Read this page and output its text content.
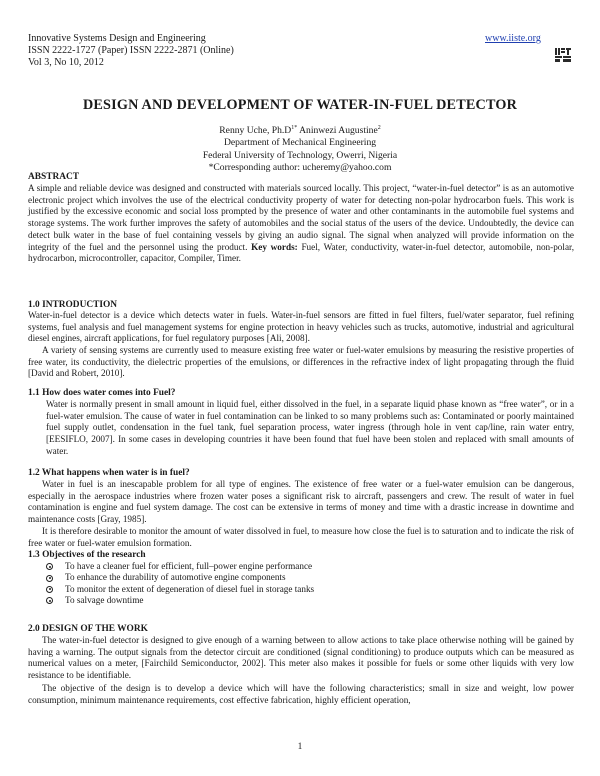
Innovative Systems Design and Engineering
ISSN 2222-1727 (Paper) ISSN 2222-2871 (Online)
Vol 3, No 10, 2012
www.iiste.org
DESIGN AND DEVELOPMENT OF WATER-IN-FUEL DETECTOR
Renny Uche, $Ph.D^{1*}$ Aninwezi Augustine$^2$
Department of Mechanical Engineering
Federal University of Technology, Owerri, Nigeria
*Corresponding author: ucheremy@yahoo.com
ABSTRACT
A simple and reliable device was designed and constructed with materials sourced locally. This project, “water-in-fuel detector” is as an automotive electronic project which involves the use of the electrical conductivity property of water for detecting non-polar hydrocarbon fuels. This work is justified by the excessive economic and social loss prompted by the presence of water and other contaminants in the automobile fuel systems and storage systems. The work further improves the safety of automobiles and the social status of the users of the device. Undoubtedly, the device can detect bulk water in the base of fuel containing vessels by giving an audio signal. The signal when analyzed will provide information on the integrity of the fuel and the personnel using the product. Key words: Fuel, Water, conductivity, water-in-fuel detector, automobile, non-polar, hydrocarbon, microcontroller, capacitor, Compiler, Timer.
1.0 INTRODUCTION
Water-in-fuel detector is a device which detects water in fuels. Water-in-fuel sensors are fitted in fuel filters, fuel/water separator, fuel refining systems, fuel analysis and fuel management systems for engine protection in heavy vehicles such as trucks, automotive, industrial and agricultural diesel engines, aircraft applications, for fuel regulatory purposes [Ali, 2008].
A variety of sensing systems are currently used to measure existing free water or fuel-water emulsions by measuring the resistive properties of free water, its conductivity, the dielectric properties of the emulsions, or differences in the refractive index of light propagating through the fluid [David and Robert, 2010].
1.1 How does water comes into Fuel?
Water is normally present in small amount in liquid fuel, either dissolved in the fuel, in a separate liquid phase known as “free water”, or in a fuel-water emulsion. The cause of water in fuel contamination can be linked to so many problems such as: Contaminated or poorly maintained fuel supply outlet, condensation in the fuel tank, fuel separation process, water ingress (through hole in vent cap/line, rain water entry, [EESIFLO, 2007]. In some cases in developing countries it have been found that fuel have been stolen and replaced with small amounts of water.
1.2 What happens when water is in fuel?
Water in fuel is an inescapable problem for all type of engines. The existence of free water or a fuel-water emulsion can be dangerous, especially in the aerospace industries where frozen water poses a significant risk to aircraft, passengers and crew. The result of water in fuel contamination is engine and fuel system damage. The cost can be extensive in terms of money and time with a drastic increase in downtime and maintenance costs [Gray, 1985].
It is therefore desirable to monitor the amount of water dissolved in fuel, to measure how close the fuel is to saturation and to indicate the risk of free water or fuel-water emulsion formation.
1.3 Objectives of the research
To have a cleaner fuel for efficient, full–power engine performance
To enhance the durability of automotive engine components
To monitor the extent of degeneration of diesel fuel in storage tanks
To salvage downtime
2.0 DESIGN OF THE WORK
The water-in-fuel detector is designed to give enough of a warning between to allow actions to take place otherwise nothing will be gained by having a warning. The output signals from the detector circuit are conditioned (signal conditioning) to produce outputs which can be measured as numerical values on a meter, [Fairchild Semiconductor, 2002]. This meter also makes it possible for fuels or some other liquids with very low resistance to be identifiable.
The objective of the design is to develop a device which will have the following characteristics; small in size and weight, low power consumption, minimum maintenance requirements, cost effective fabrication, highly efficient operation,
1
